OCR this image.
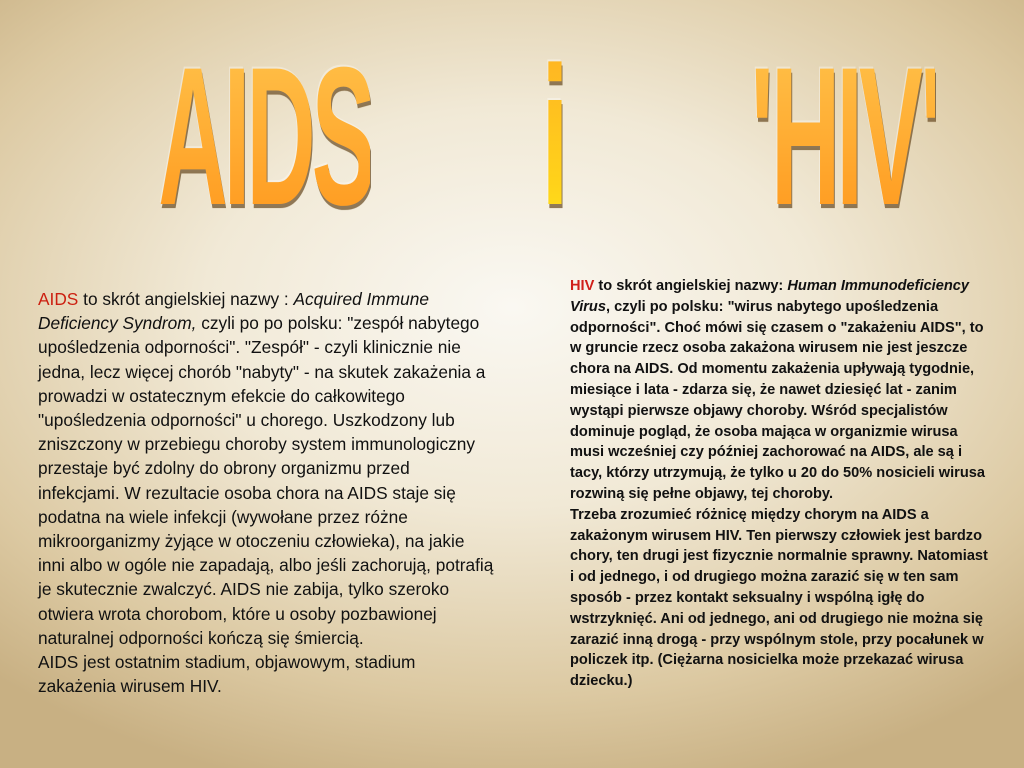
"AIDS" i "HIV"

AIDS to skrót angielskiej nazwy : Acquired Immune Deficiency Syndrom, czyli po po polsku: "zespół nabytego upośledzenia odporności". "Zespół" - czyli klinicznie nie jedna, lecz więcej chorób "nabyty" - na skutek zakażenia a prowadzi w ostatecznym efekcie do całkowitego "upośledzenia odporności" u chorego. Uszkodzony lub zniszczony w przebiegu choroby system immunologiczny przestaje być zdolny do obrony organizmu przed infekcjami. W rezultacie osoba chora na AIDS staje się podatna na wiele infekcji (wywołane przez różne mikroorganizmy żyjące w otoczeniu człowieka), na jakie inni albo w ogóle nie zapadają, albo jeśli zachorują, potrafią je skutecznie zwalczyć. AIDS nie zabija, tylko szeroko otwiera wrota chorobom, które u osoby pozbawionej naturalnej odporności kończą się śmiercią.

AIDS jest ostatnim stadium, objawowym, stadium zakażenia wirusem HIV.

HIV to skrót angielskiej nazwy: Human Immunodeficiency Virus, czyli po polsku: "wirus nabytego upośledzenia odporności". Choć mówi się czasem o "zakażeniu AIDS", to w gruncie rzecz osoba zakażona wirusem nie jest jeszcze chora na AIDS. Od momentu zakażenia upływają tygodnie, miesiące i lata - zdarza się, że nawet dziesięć lat - zanim wystąpi pierwsze objawy choroby. Wśród specjalistów dominuje pogląd, że osoba mająca w organizmie wirusa musi wcześniej czy później zachorować na AIDS, ale są i tacy, którzy utrzymują, że tylko u 20 do 50% nosicieli wirusa rozwiną się pełne objawy, tej choroby.

Trzeba zrozumieć różnicę między chorym na AIDS a zakażonym wirusem HIV. Ten pierwszy człowiek jest bardzo chory, ten drugi jest fizycznie normalnie sprawny. Natomiast i od jednego, i od drugiego można zarazić się w ten sam sposób - przez kontakt seksualny i wspólną igłę do wstrzyknięć. Ani od jednego, ani od drugiego nie można się zarazić inną drogą - przy wspólnym stole, przy pocałunek w policzek itp. (Ciężarna nosicielka może przekazać wirusa dziecku.)
